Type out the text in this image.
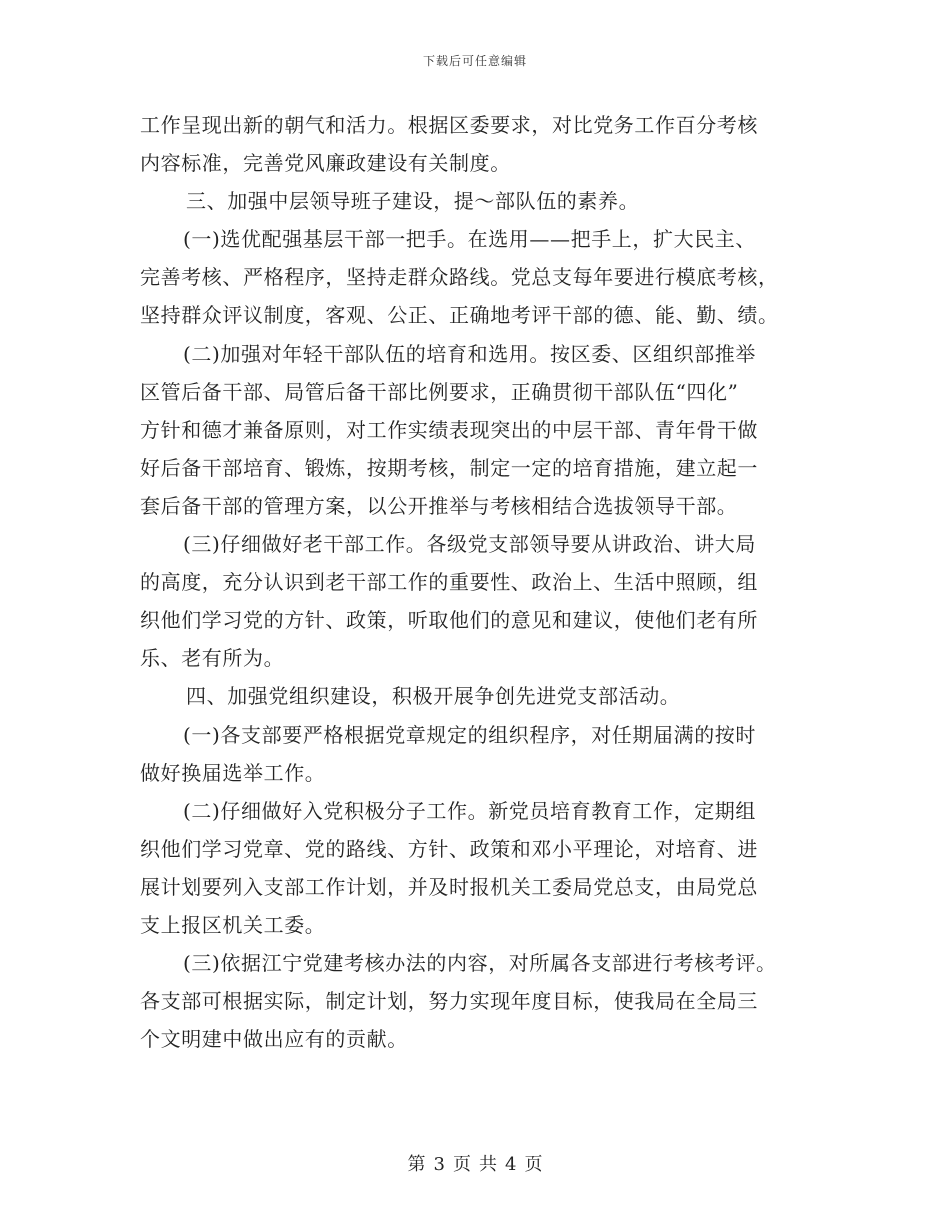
下载后可任意编辑
工作呈现出新的朝气和活力。根据区委要求，对比党务工作百分考核
内容标准，完善党风廉政建设有关制度。
三、加强中层领导班子建设，提～部队伍的素养。
(一)选优配强基层干部一把手。在选用——把手上，扩大民主、
完善考核、严格程序，坚持走群众路线。党总支每年要进行模底考核，
坚持群众评议制度，客观、公正、正确地考评干部的德、能、勤、绩。
(二)加强对年轻干部队伍的培育和选用。按区委、区组织部推举
区管后备干部、局管后备干部比例要求，正确贯彻干部队伍“四化”
方针和德才兼备原则，对工作实绩表现突出的中层干部、青年骨干做
好后备干部培育、锻炼，按期考核，制定一定的培育措施，建立起一
套后备干部的管理方案，以公开推举与考核相结合选拔领导干部。
(三)仔细做好老干部工作。各级党支部领导要从讲政治、讲大局
的高度，充分认识到老干部工作的重要性、政治上、生活中照顾，组
织他们学习党的方针、政策，听取他们的意见和建议，使他们老有所
乐、老有所为。
四、加强党组织建设，积极开展争创先进党支部活动。
(一)各支部要严格根据党章规定的组织程序，对任期届满的按时
做好换届选举工作。
(二)仔细做好入党积极分子工作。新党员培育教育工作，定期组
织他们学习党章、党的路线、方针、政策和邓小平理论，对培育、进
展计划要列入支部工作计划，并及时报机关工委局党总支，由局党总
支上报区机关工委。
(三)依据江宁党建考核办法的内容，对所属各支部进行考核考评。
各支部可根据实际，制定计划，努力实现年度目标，使我局在全局三
个文明建中做出应有的贡献。
第 3 页 共 4 页
